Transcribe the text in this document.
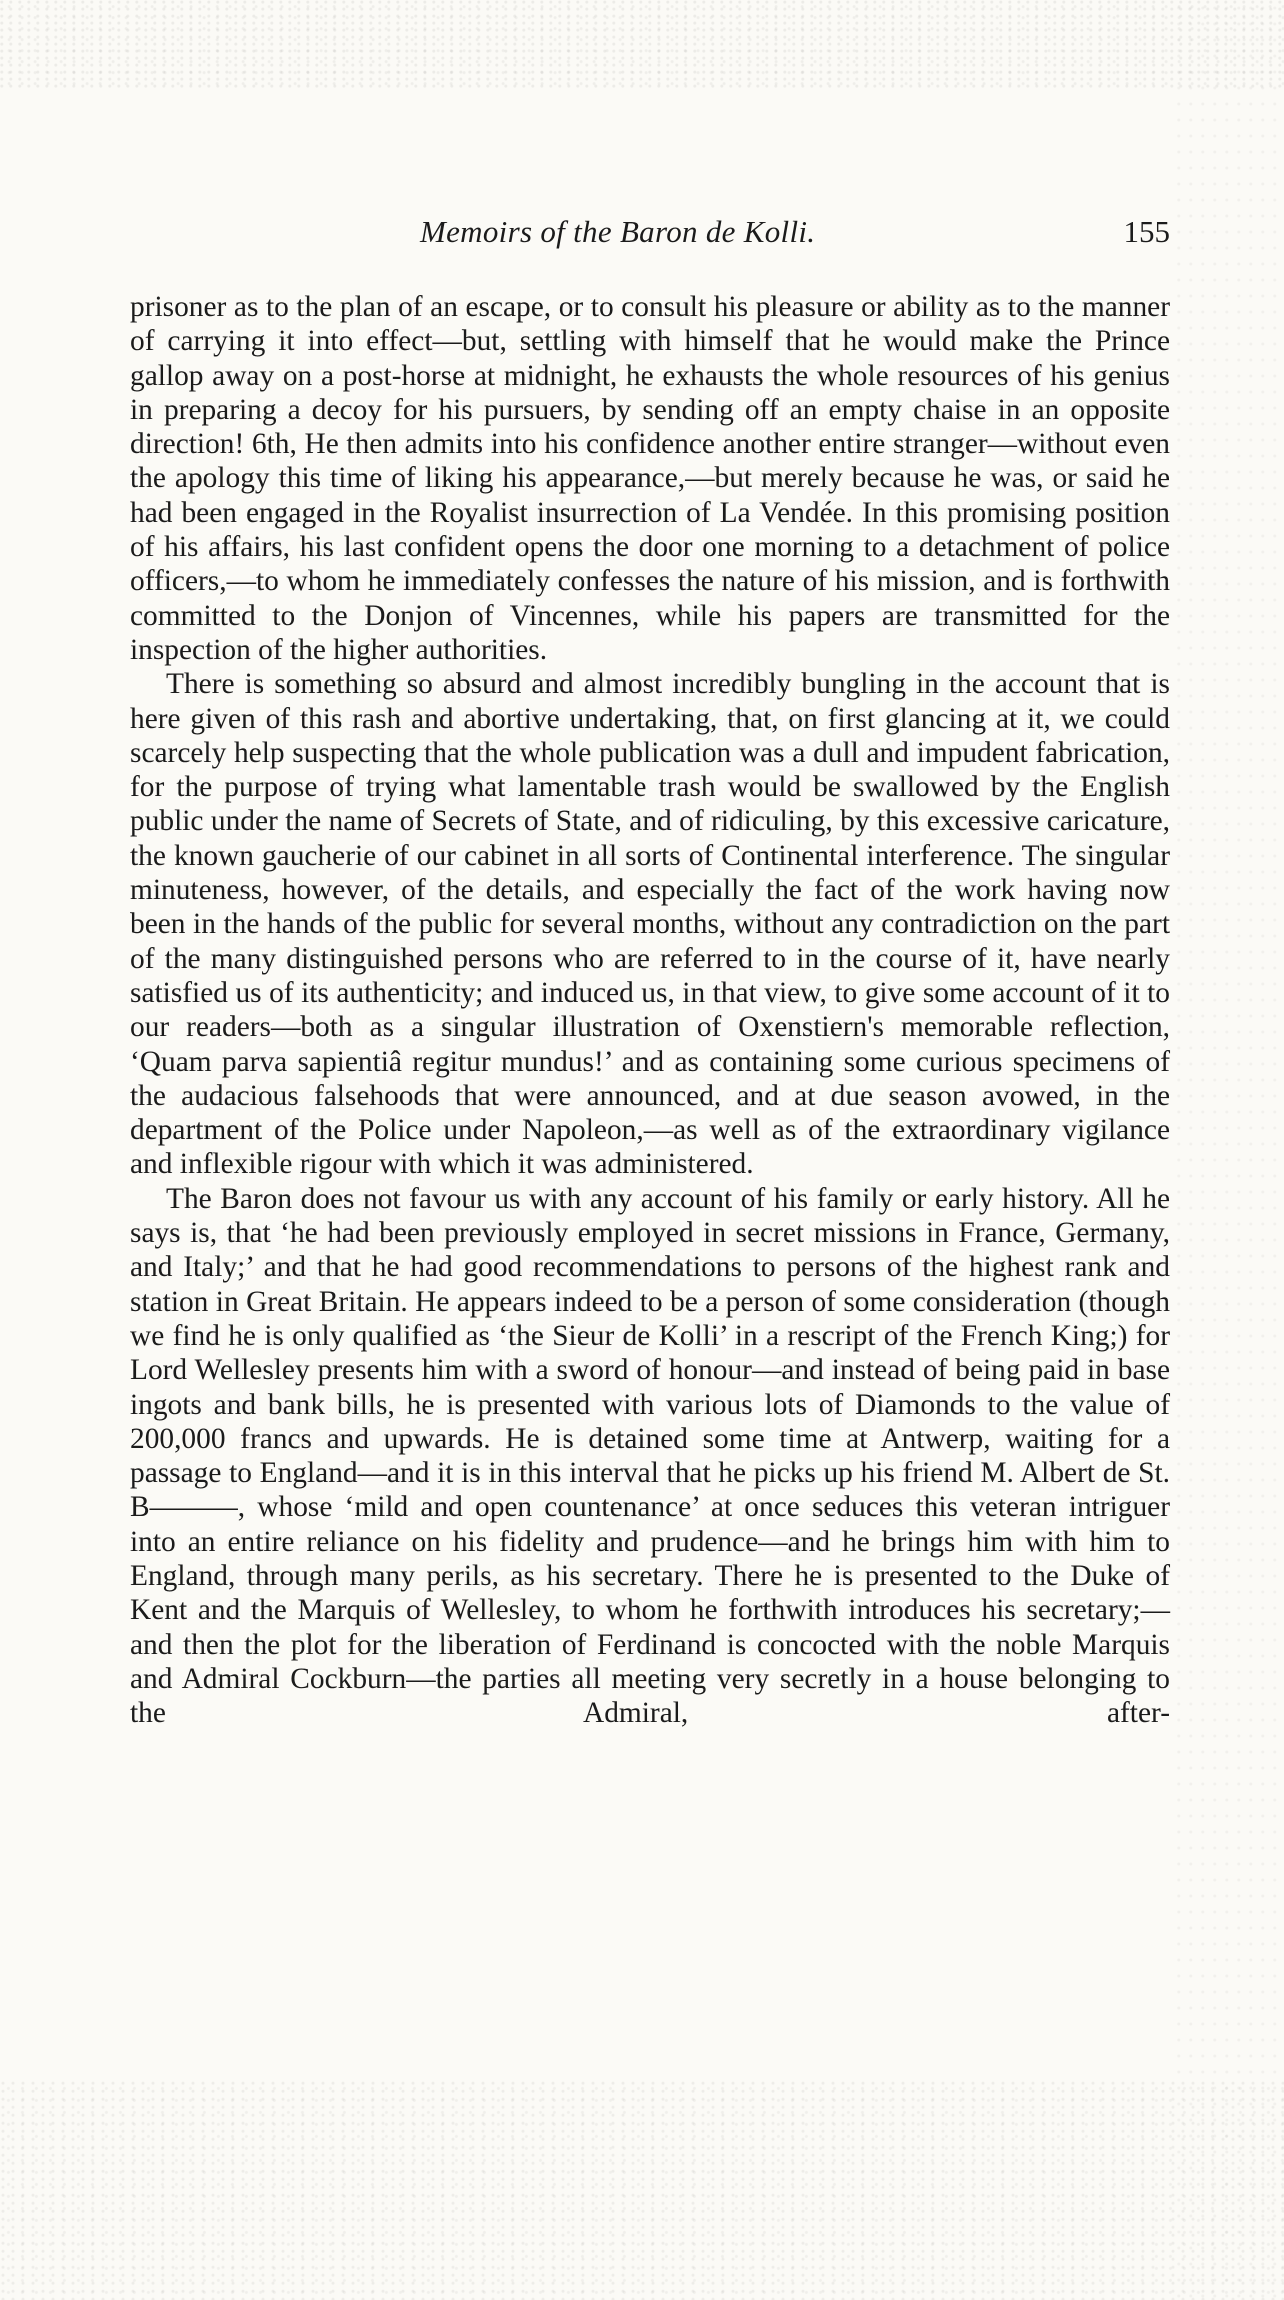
Memoirs of the Baron de Kolli.	155

prisoner as to the plan of an escape, or to consult his pleasure or ability as to the manner of carrying it into effect—but, settling with himself that he would make the Prince gallop away on a post-horse at midnight, he exhausts the whole resources of his genius in preparing a decoy for his pursuers, by sending off an empty chaise in an opposite direction! 6th, He then admits into his confidence another entire stranger—without even the apology this time of liking his appearance,—but merely because he was, or said he had been engaged in the Royalist insurrection of La Vendée. In this promising position of his affairs, his last confident opens the door one morning to a detachment of police officers,—to whom he immediately confesses the nature of his mission, and is forthwith committed to the Donjon of Vincennes, while his papers are transmitted for the inspection of the higher authorities.

There is something so absurd and almost incredibly bungling in the account that is here given of this rash and abortive undertaking, that, on first glancing at it, we could scarcely help suspecting that the whole publication was a dull and impudent fabrication, for the purpose of trying what lamentable trash would be swallowed by the English public under the name of Secrets of State, and of ridiculing, by this excessive caricature, the known gaucherie of our cabinet in all sorts of Continental interference. The singular minuteness, however, of the details, and especially the fact of the work having now been in the hands of the public for several months, without any contradiction on the part of the many distinguished persons who are referred to in the course of it, have nearly satisfied us of its authenticity; and induced us, in that view, to give some account of it to our readers—both as a singular illustration of Oxenstiern's memorable reflection, ‘Quam parva sapientiâ regitur mundus!’ and as containing some curious specimens of the audacious falsehoods that were announced, and at due season avowed, in the department of the Police under Napoleon,—as well as of the extraordinary vigilance and inflexible rigour with which it was administered.

The Baron does not favour us with any account of his family or early history. All he says is, that ‘he had been previously employed in secret missions in France, Germany, and Italy;’ and that he had good recommendations to persons of the highest rank and station in Great Britain. He appears indeed to be a person of some consideration (though we find he is only qualified as ‘the Sieur de Kolli’ in a rescript of the French King;) for Lord Wellesley presents him with a sword of honour—and instead of being paid in base ingots and bank bills, he is presented with various lots of Diamonds to the value of 200,000 francs and upwards. He is detained some time at Antwerp, waiting for a passage to England—and it is in this interval that he picks up his friend M. Albert de St. B———, whose ‘mild and open countenance’ at once seduces this veteran intriguer into an entire reliance on his fidelity and prudence—and he brings him with him to England, through many perils, as his secretary. There he is presented to the Duke of Kent and the Marquis of Wellesley, to whom he forthwith introduces his secretary;—and then the plot for the liberation of Ferdinand is concocted with the noble Marquis and Admiral Cockburn—the parties all meeting very secretly in a house belonging to the Admiral, after-
